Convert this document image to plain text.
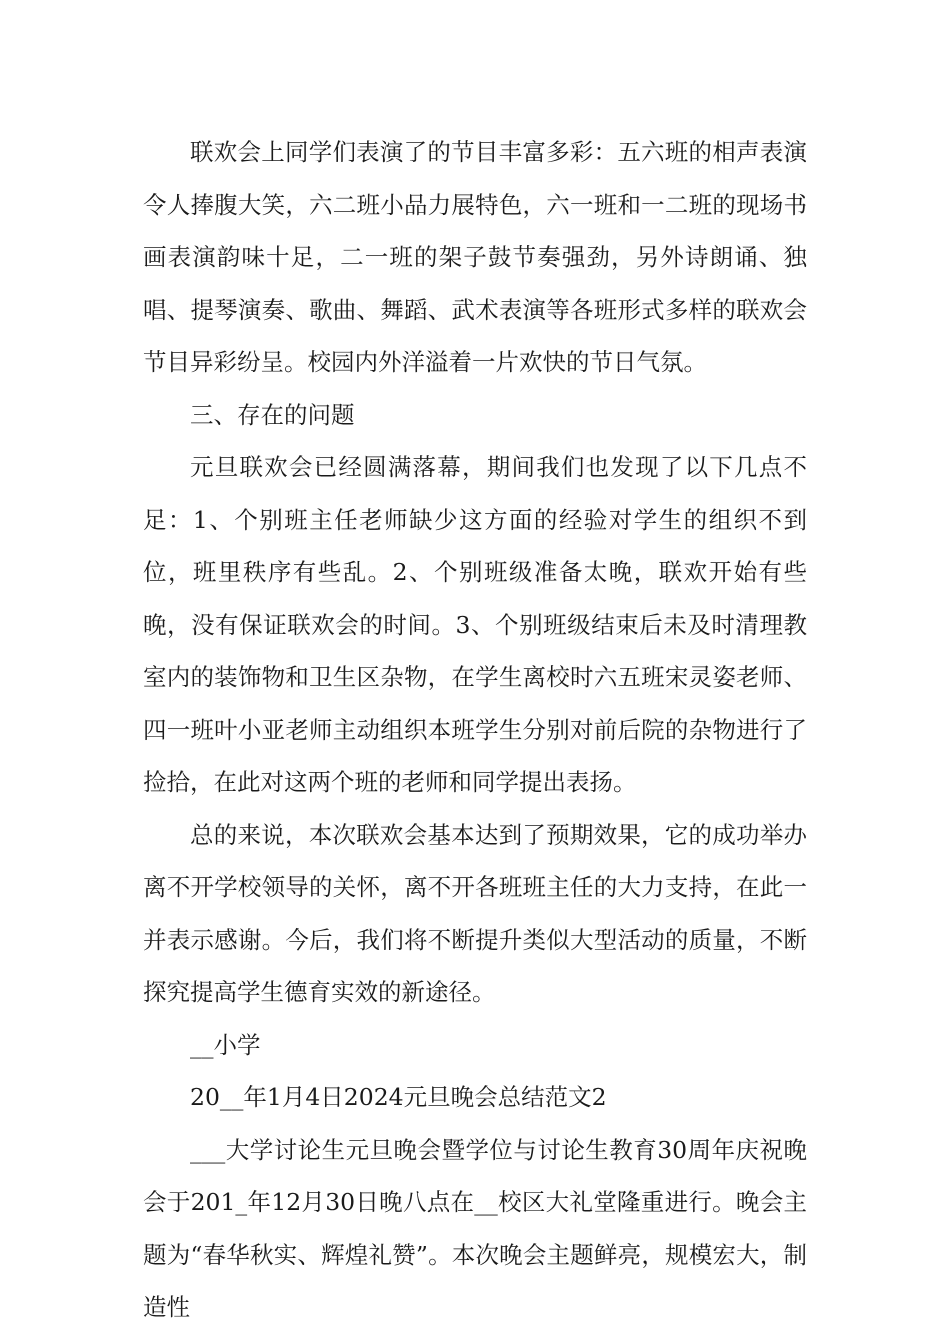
联欢会上同学们表演了的节目丰富多彩：五六班的相声表演令人捧腹大笑，六二班小品力展特色，六一班和一二班的现场书画表演韵味十足，二一班的架子鼓节奏强劲，另外诗朗诵、独唱、提琴演奏、歌曲、舞蹈、武术表演等各班形式多样的联欢会节目异彩纷呈。校园内外洋溢着一片欢快的节日气氛。

三、存在的问题

元旦联欢会已经圆满落幕，期间我们也发现了以下几点不足：1、个别班主任老师缺少这方面的经验对学生的组织不到位，班里秩序有些乱。2、个别班级准备太晚，联欢开始有些晚，没有保证联欢会的时间。3、个别班级结束后未及时清理教室内的装饰物和卫生区杂物，在学生离校时六五班宋灵姿老师、四一班叶小亚老师主动组织本班学生分别对前后院的杂物进行了捡拾，在此对这两个班的老师和同学提出表扬。

总的来说，本次联欢会基本达到了预期效果，它的成功举办离不开学校领导的关怀，离不开各班班主任的大力支持，在此一并表示感谢。今后，我们将不断提升类似大型活动的质量，不断探究提高学生德育实效的新途径。

__小学

20__年1月4日2024元旦晚会总结范文2

___大学讨论生元旦晚会暨学位与讨论生教育30周年庆祝晚会于201_年12月30日晚八点在__校区大礼堂隆重进行。晚会主题为“春华秋实、辉煌礼赞”。本次晚会主题鲜亮，规模宏大，制造性
